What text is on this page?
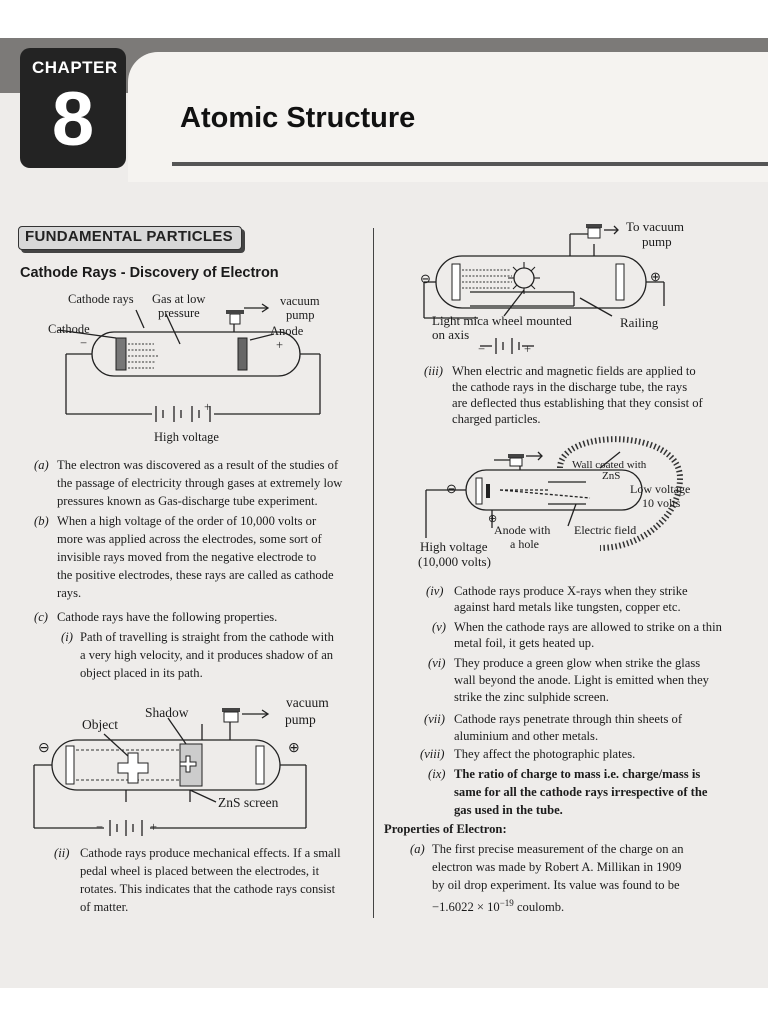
CHAPTER
8	Atomic Structure
FUNDAMENTAL PARTICLES
Cathode Rays - Discovery of Electron
Cathode rays Gas at low
pressure
vacuum
pump
Cathode	Anode
−	+
+
High voltage
(a) The electron was discovered as a result of the studies of
the passage of electricity through gases at extremely low
pressures known as Gas-discharge tube experiment.
(b) When a high voltage of the order of 10,000 volts or
more was applied across the electrodes, some sort of
invisible rays moved from the negative electrode to
the positive electrodes, these rays are called as cathode
rays.
(c) Cathode rays have the following properties.
(i) Path of travelling is straight from the cathode with
a very high velocity, and it produces shadow of an
object placed in its path.
Shadow
Object
vacuum
pump
ZnS screen
⊖	⊕
−	+
(ii) Cathode rays produce mechanical effects. If a small
pedal wheel is placed between the electrodes, it
rotates. This indicates that the cathode rays consist
of matter.
To vacuum
pump
Light mica wheel mounted
on axis
Railing
⊖	⊕
−	+
(iii) When electric and magnetic fields are applied to
the cathode rays in the discharge tube, the rays
are deflected thus establishing that they consist of
charged particles.
Wall coated with
ZnS
Low voltage
10 volts
Anode with
a hole
Electric field
High voltage
(10,000 volts)
⊖
⊕
(iv) Cathode rays produce X-rays when they strike
against hard metals like tungsten, copper etc.
(v) When the cathode rays are allowed to strike on a thin
metal foil, it gets heated up.
(vi) They produce a green glow when strike the glass
wall beyond the anode. Light is emitted when they
strike the zinc sulphide screen.
(vii) Cathode rays penetrate through thin sheets of
aluminium and other metals.
(viii) They affect the photographic plates.
(ix) The ratio of charge to mass i.e. charge/mass is
same for all the cathode rays irrespective of the
gas used in the tube.
Properties of Electron:
(a) The first precise measurement of the charge on an
electron was made by Robert A. Millikan in 1909
by oil drop experiment. Its value was found to be
$-1.6022 \times 10^{-19}$ coulomb.
